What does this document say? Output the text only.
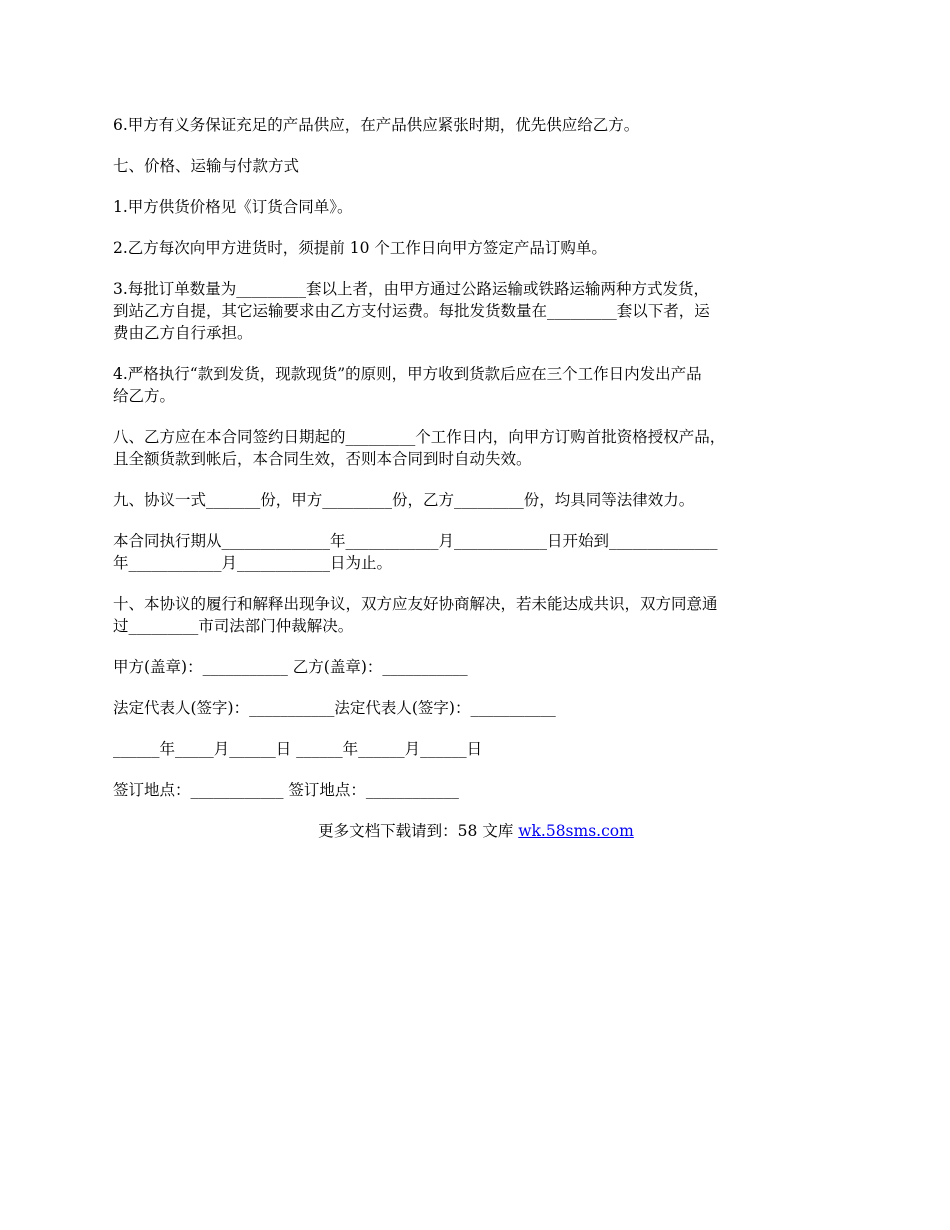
6.甲方有义务保证充足的产品供应，在产品供应紧张时期，优先供应给乙方。

七、价格、运输与付款方式

1.甲方供货价格见《订货合同单》。

2.乙方每次向甲方进货时，须提前 10 个工作日向甲方签定产品订购单。

3.每批订单数量为_________套以上者，由甲方通过公路运输或铁路运输两种方式发货，

到站乙方自提，其它运输要求由乙方支付运费。每批发货数量在_________套以下者，运

费由乙方自行承担。

4.严格执行“款到发货，现款现货”的原则，甲方收到货款后应在三个工作日内发出产品

给乙方。

八、乙方应在本合同签约日期起的_________个工作日内，向甲方订购首批资格授权产品，

且全额货款到帐后，本合同生效，否则本合同到时自动失效。

九、协议一式_______份，甲方_________份，乙方_________份，均具同等法律效力。

本合同执行期从______________年____________月____________日开始到______________

年____________月____________日为止。

十、本协议的履行和解释出现争议，双方应友好协商解决，若未能达成共识，双方同意通

过_________市司法部门仲裁解决。

甲方(盖章)：___________ 乙方(盖章)：___________

法定代表人(签字)：___________法定代表人(签字)：___________

______年_____月______日 ______年______月______日

签订地点：____________ 签订地点：____________

更多文档下载请到：58 文库 wk.58sms.com
